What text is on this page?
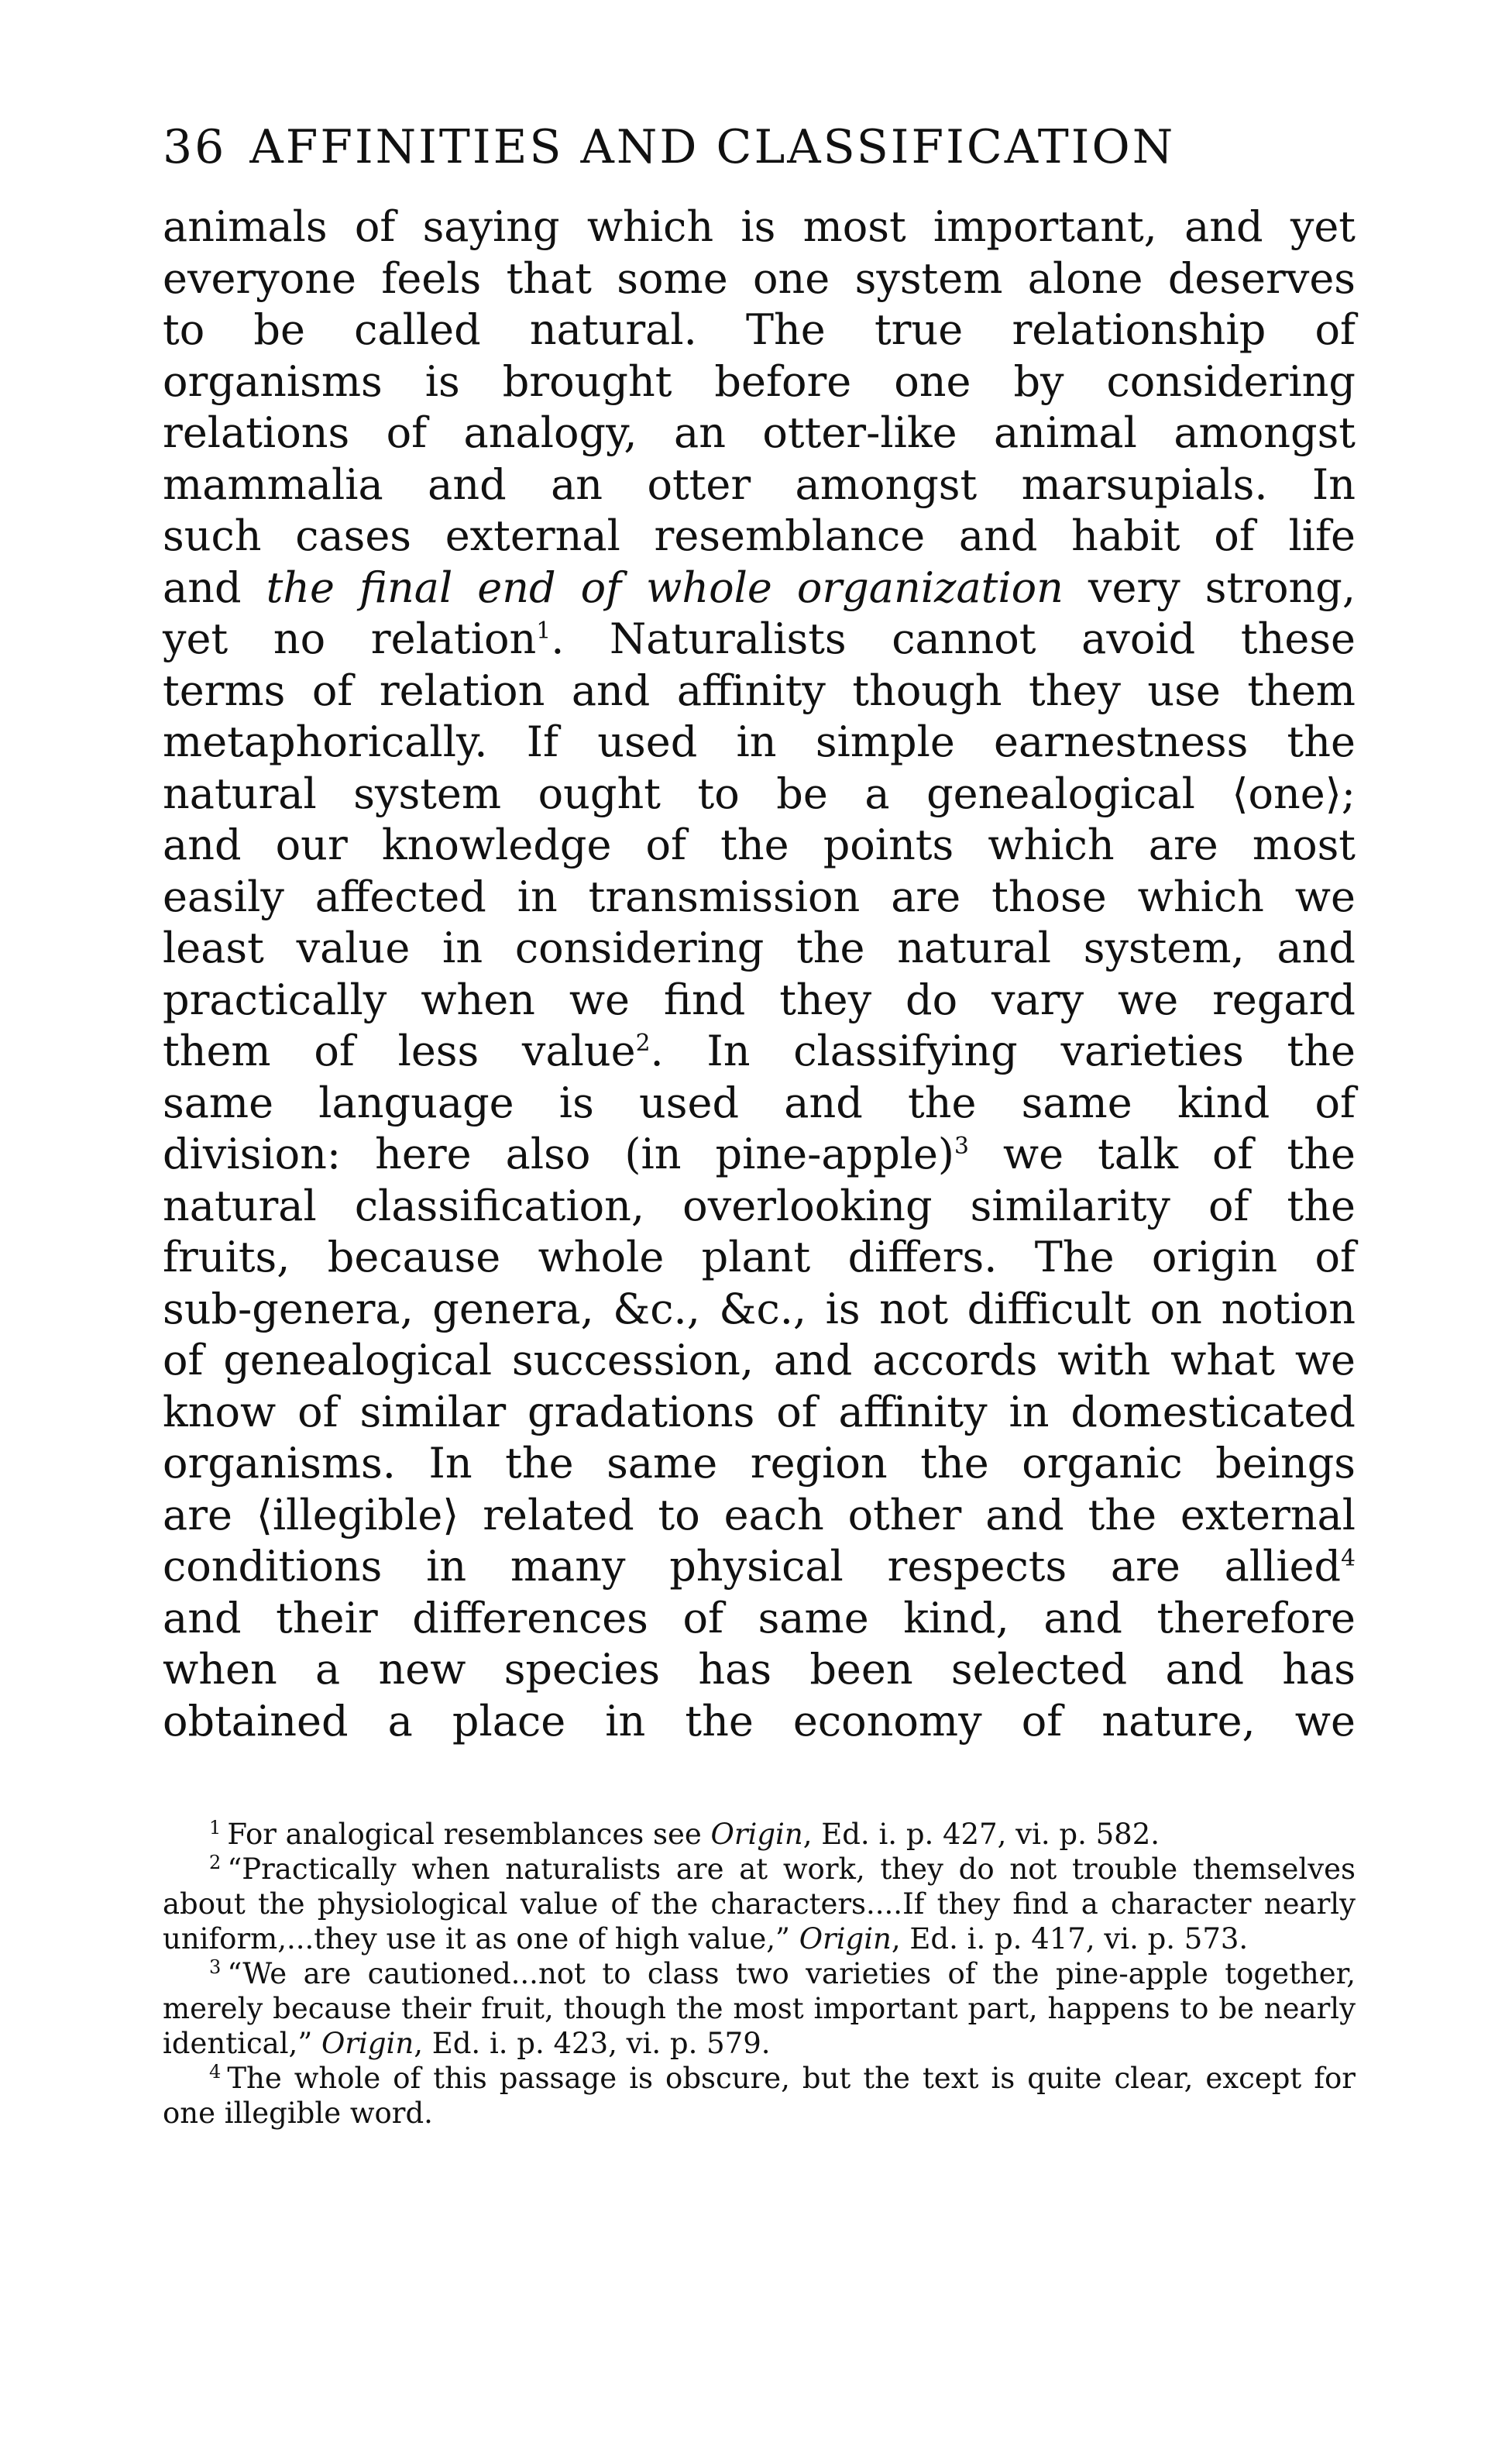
36 AFFINITIES AND CLASSIFICATION
animals of saying which is most important, and yet
everyone feels that some one system alone deserves
to be called natural. The true relationship of
organisms is brought before one by considering
relations of analogy, an otter-like animal amongst
mammalia and an otter amongst marsupials. In
such cases external resemblance and habit of life
and the final end of whole organization very strong,
yet no relation$^1$. Naturalists cannot avoid these
terms of relation and affinity though they use them
metaphorically. If used in simple earnestness the
natural system ought to be a genealogical ⟨one⟩;
and our knowledge of the points which are most
easily affected in transmission are those which we
least value in considering the natural system, and
practically when we find they do vary we regard
them of less value$^2$. In classifying varieties the
same language is used and the same kind of
division: here also (in pine-apple)$^3$ we talk of the
natural classification, overlooking similarity of the
fruits, because whole plant differs. The origin of
sub-genera, genera, &c., &c., is not difficult on notion
of genealogical succession, and accords with what we
know of similar gradations of affinity in domesticated
organisms. In the same region the organic beings
are ⟨illegible⟩ related to each other and the external
conditions in many physical respects are allied$^4$
and their differences of same kind, and therefore
when a new species has been selected and has
obtained a place in the economy of nature, we
$^1$ For analogical resemblances see Origin, Ed. i. p. 427, vi. p. 582.
$^2$ “Practically when naturalists are at work, they do not trouble themselves about the physiological value of the characters....If they find a character nearly uniform,...they use it as one of high value,” Origin, Ed. i. p. 417, vi. p. 573.
$^3$ “We are cautioned...not to class two varieties of the pine-apple together, merely because their fruit, though the most important part, happens to be nearly identical,” Origin, Ed. i. p. 423, vi. p. 579.
$^4$ The whole of this passage is obscure, but the text is quite clear, except for one illegible word.
